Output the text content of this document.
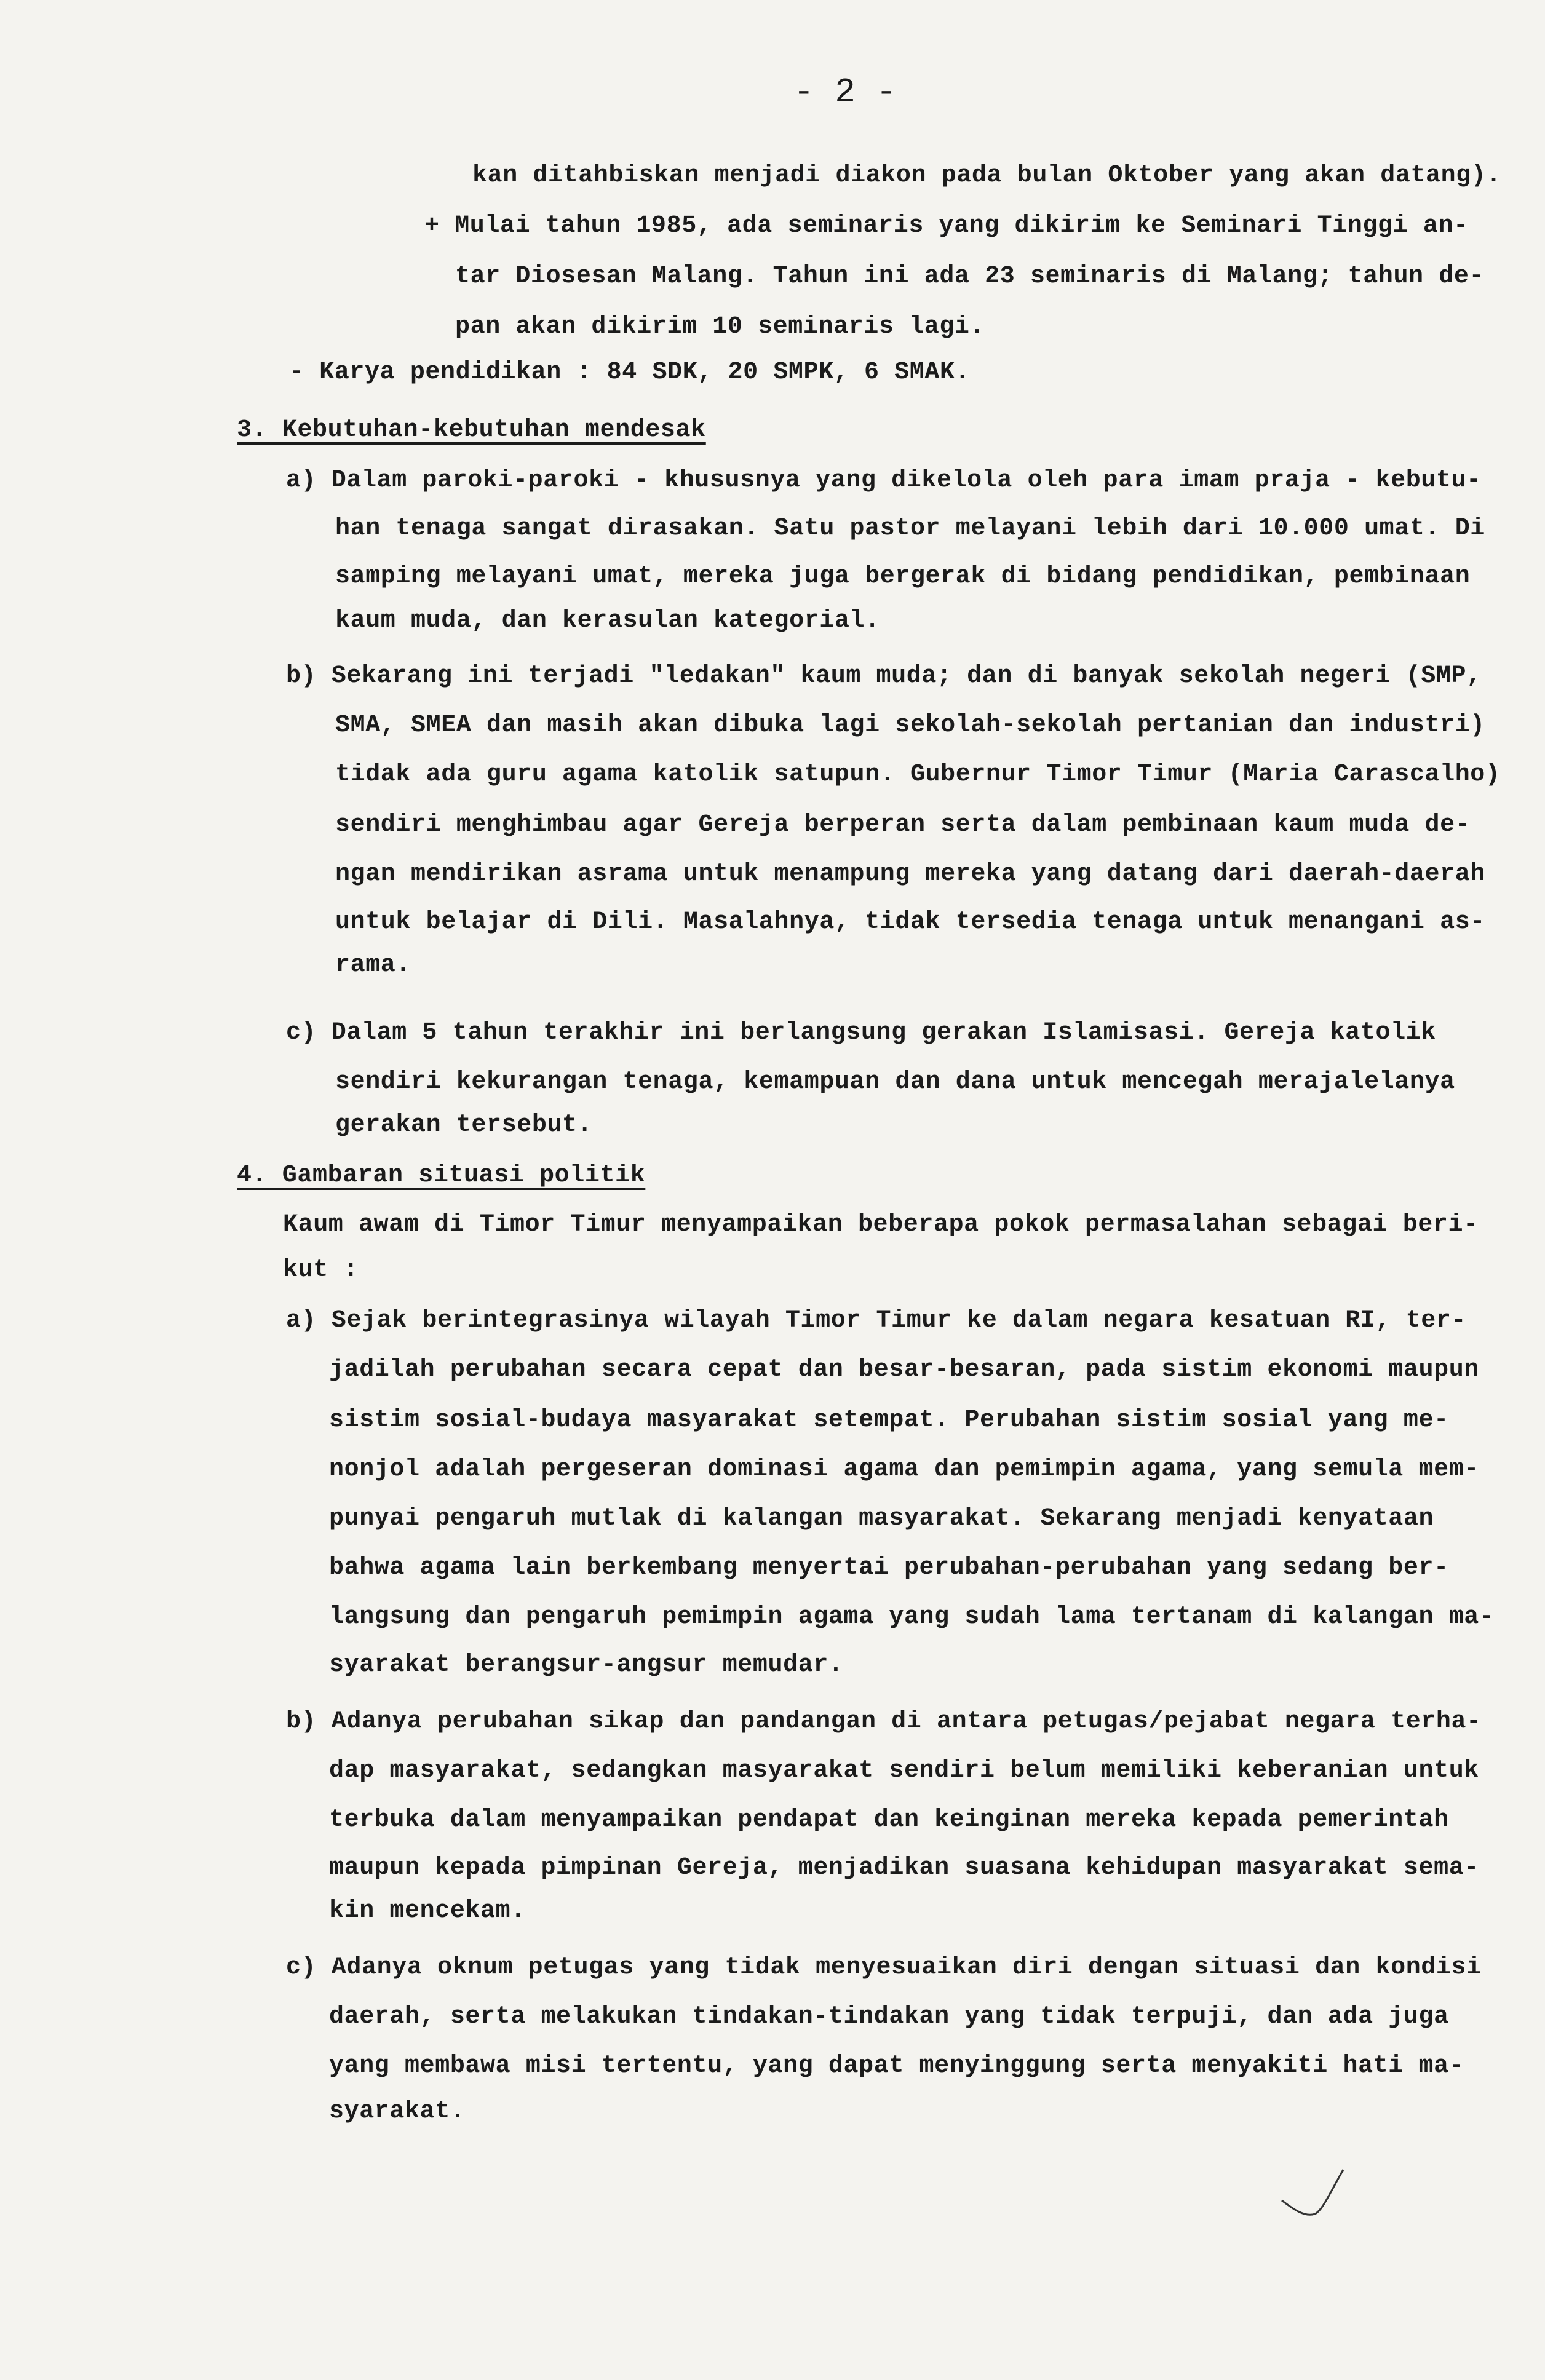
- 2 -
kan ditahbiskan menjadi diakon pada bulan Oktober yang akan datang).
+ Mulai tahun 1985, ada seminaris yang dikirim ke Seminari Tinggi an-
tar Diosesan Malang. Tahun ini ada 23 seminaris di Malang; tahun de-
pan akan dikirim 10 seminaris lagi.
- Karya pendidikan : 84 SDK, 20 SMPK, 6 SMAK.
3. Kebutuhan-kebutuhan mendesak
a) Dalam paroki-paroki - khususnya yang dikelola oleh para imam praja - kebutu-
han tenaga sangat dirasakan. Satu pastor melayani lebih dari 10.000 umat. Di
samping melayani umat, mereka juga bergerak di bidang pendidikan, pembinaan
kaum muda, dan kerasulan kategorial.
b) Sekarang ini terjadi "ledakan" kaum muda; dan di banyak sekolah negeri (SMP,
SMA, SMEA dan masih akan dibuka lagi sekolah-sekolah pertanian dan industri)
tidak ada guru agama katolik satupun. Gubernur Timor Timur (Maria Carascalho)
sendiri menghimbau agar Gereja berperan serta dalam pembinaan kaum muda de-
ngan mendirikan asrama untuk menampung mereka yang datang dari daerah-daerah
untuk belajar di Dili. Masalahnya, tidak tersedia tenaga untuk menangani as-
rama.
c) Dalam 5 tahun terakhir ini berlangsung gerakan Islamisasi. Gereja katolik
sendiri kekurangan tenaga, kemampuan dan dana untuk mencegah merajalelanya
gerakan tersebut.
4. Gambaran situasi politik
Kaum awam di Timor Timur menyampaikan beberapa pokok permasalahan sebagai beri-
kut :
a) Sejak berintegrasinya wilayah Timor Timur ke dalam negara kesatuan RI, ter-
jadilah perubahan secara cepat dan besar-besaran, pada sistim ekonomi maupun
sistim sosial-budaya masyarakat setempat. Perubahan sistim sosial yang me-
nonjol adalah pergeseran dominasi agama dan pemimpin agama, yang semula mem-
punyai pengaruh mutlak di kalangan masyarakat. Sekarang menjadi kenyataan
bahwa agama lain berkembang menyertai perubahan-perubahan yang sedang ber-
langsung dan pengaruh pemimpin agama yang sudah lama tertanam di kalangan ma-
syarakat berangsur-angsur memudar.
b) Adanya perubahan sikap dan pandangan di antara petugas/pejabat negara terha-
dap masyarakat, sedangkan masyarakat sendiri belum memiliki keberanian untuk
terbuka dalam menyampaikan pendapat dan keinginan mereka kepada pemerintah
maupun kepada pimpinan Gereja, menjadikan suasana kehidupan masyarakat sema-
kin mencekam.
c) Adanya oknum petugas yang tidak menyesuaikan diri dengan situasi dan kondisi
daerah, serta melakukan tindakan-tindakan yang tidak terpuji, dan ada juga
yang membawa misi tertentu, yang dapat menyinggung serta menyakiti hati ma-
syarakat.
